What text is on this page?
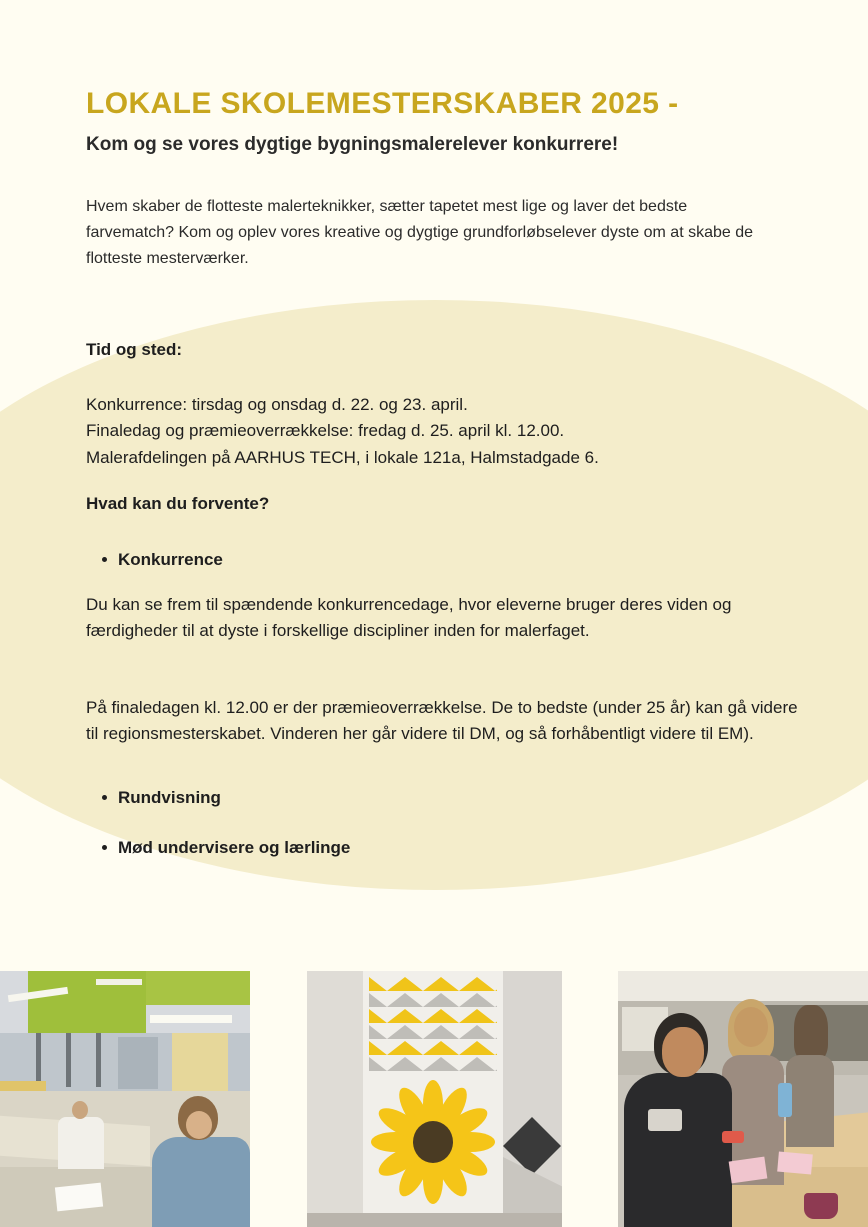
LOKALE SKOLEMESTERSKABER 2025 -
Kom og se vores dygtige bygningsmalerelever konkurrere!

Hvem skaber de flotteste malerteknikker, sætter tapetet mest lige og laver det bedste farvematch? Kom og oplev vores kreative og dygtige grundforløbselever dyste om at skabe de flotteste mesterværker.

Tid og sted:
Konkurrence: tirsdag og onsdag d. 22. og 23. april.
Finaledag og præmieoverrækkelse: fredag d. 25. april kl. 12.00.
Malerafdelingen på AARHUS TECH, i lokale 121a, Halmstadgade 6.
Hvad kan du forvente?
Konkurrence

Du kan se frem til spændende konkurrencedage, hvor eleverne bruger deres viden og færdigheder til at dyste i forskellige discipliner inden for malerfaget.

På finaledagen kl. 12.00 er der præmieoverrækkelse. De to bedste (under 25 år) kan gå videre til regionsmesterskabet. Vinderen her går videre til DM, og så forhåbentligt videre til EM).

Rundvisning
Mød undervisere og lærlinge
